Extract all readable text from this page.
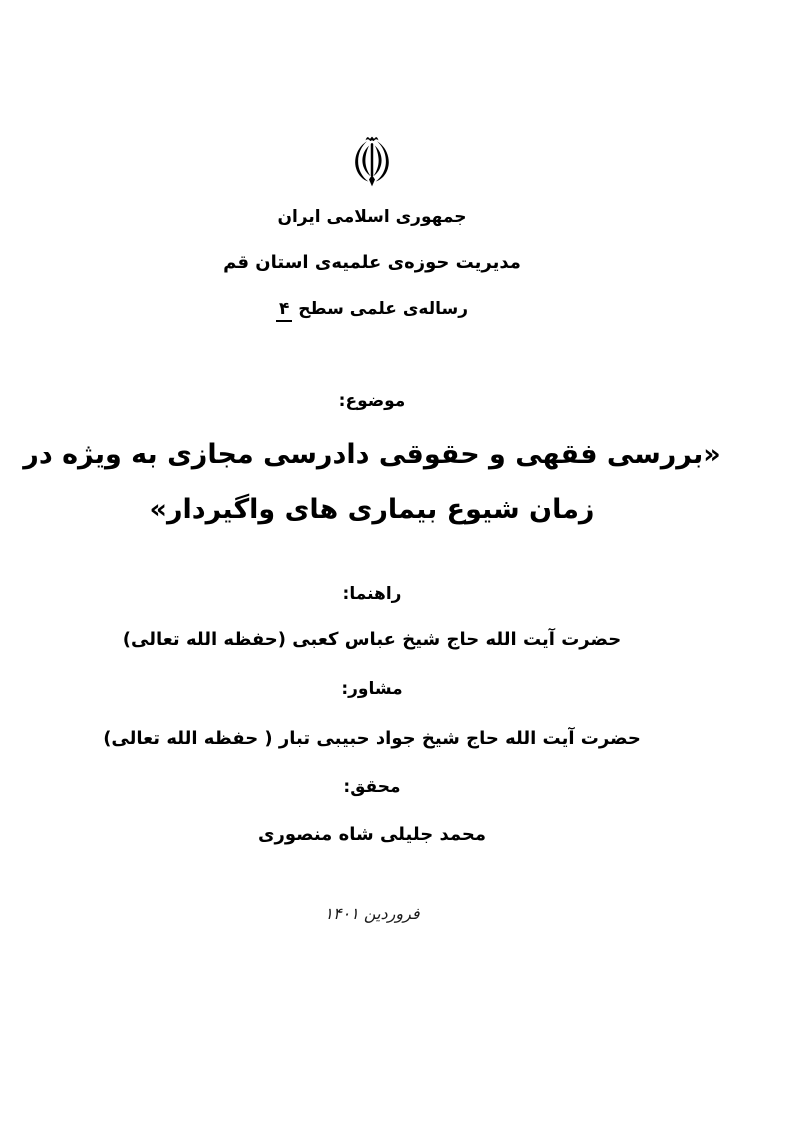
جمهوری اسلامی ایران
مدیریت حوزه‌ی علمیه‌ی استان قم
رساله‌ی علمی سطح ۴
موضوع:
«بررسی فقهی و حقوقی دادرسی مجازی به ویژه در
زمان شیوع بیماری های واگیردار»
راهنما:
حضرت آیت الله حاج شیخ عباس کعبی (حفظه الله تعالی)
مشاور:
حضرت آیت الله حاج شیخ جواد حبیبی تبار ( حفظه الله تعالی)
محقق:
محمد جلیلی شاه منصوری
فروردین ۱۴۰۱
